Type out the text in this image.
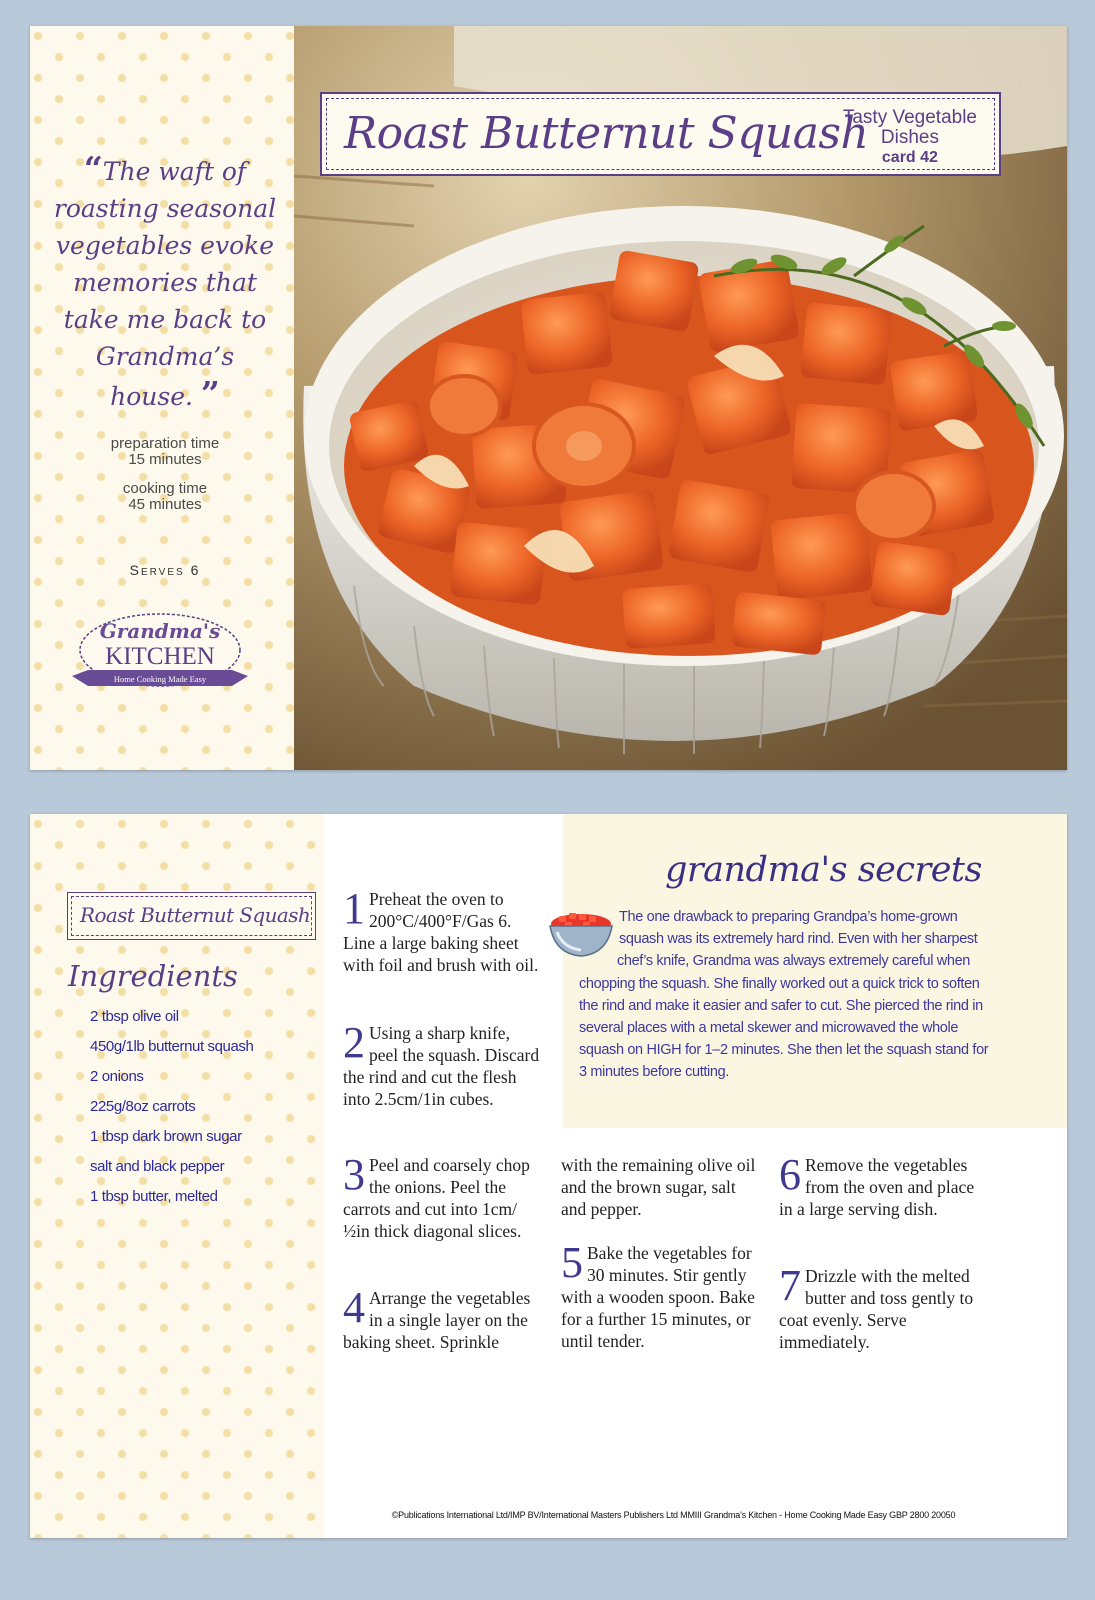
“The waft of roasting seasonal vegetables evoke memories that take me back to Grandma’s house. ”
preparation time
15 minutes
cooking time
45 minutes
Serves 6
Grandma's
KITCHEN
Home Cooking Made Easy
Roast Butternut Squash
Tasty Vegetable
Dishes
card 42
Roast Butternut Squash
Ingredients
2 tbsp olive oil
450g/1lb butternut squash
2 onions
225g/8oz carrots
1 tbsp dark brown sugar
salt and black pepper
1 tbsp butter, melted
grandma's secrets
The one drawback to preparing Grandpa’s home-grown squash was its extremely hard rind. Even with her sharpest chef’s knife, Grandma was always extremely careful when chopping the squash. She finally worked out a quick trick to soften the rind and make it easier and safer to cut. She pierced the rind in several places with a metal skewer and microwaved the whole squash on HIGH for 1–2 minutes. She then let the squash stand for 3 minutes before cutting.
1 Preheat the oven to 200°C/400°F/Gas 6. Line a large baking sheet with foil and brush with oil.
2 Using a sharp knife, peel the squash. Discard the rind and cut the flesh into 2.5cm/1in cubes.
3 Peel and coarsely chop the onions. Peel the carrots and cut into 1cm/½in thick diagonal slices.
4 Arrange the vegetables in a single layer on the baking sheet. Sprinkle
with the remaining olive oil and the brown sugar, salt and pepper.
5 Bake the vegetables for 30 minutes. Stir gently with a wooden spoon. Bake for a further 15 minutes, or until tender.
6 Remove the vegetables from the oven and place in a large serving dish.
7 Drizzle with the melted butter and toss gently to coat evenly. Serve immediately.
©Publications International Ltd/IMP BV/International Masters Publishers Ltd MMIII Grandma's Kitchen - Home Cooking Made Easy GBP 2800 20050
